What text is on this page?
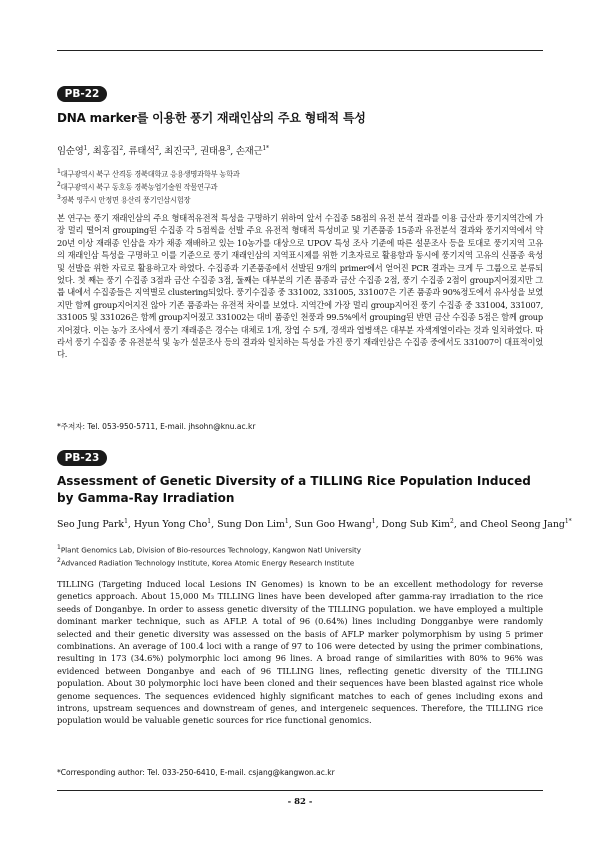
PB-22
DNA marker를 이용한 풍기 재래인삼의 주요 형태적 특성
임순영$^1$, 최홍집$^2$, 류태석$^2$, 최진국$^3$, 권태용$^3$, 손재근$^{1*}$
$^1$대구광역시 북구 산격동 경북대학교 응용생명과학부 농학과
$^2$대구광역시 북구 동호동 경북농업기술원 작물연구과
$^3$경북 영주시 안정면 용산리 풍기인삼시험장
본 연구는 풍기 재래인삼의 주요 형태적유전적 특성을 구명하기 위하여 앞서 수집종 58점의 유전 분석 결과를 이용 급산과 풍기지역간에 가장 멀리 떨어져 grouping된 수집종 각 5점씩을 선발 주요 유전적 형태적 특성비교 및 기존품종 15종과 유전분석 결과와 풍기지역에서 약 20년 이상 재래종 인삼을 자가 채종 재배하고 있는 10농가를 대상으로 UPOV 특성 조사 기준에 따른 설문조사 등을 토대로 풍기지역 고유의 재래인삼 특성을 구명하고 이를 기준으로 풍기 재래인삼의 지역표시제를 위한 기초자료로 활용함과 동시에 풍기지역 고유의 신품종 육성 및 선발을 위한 자료로 활용하고자 하였다. 수집종과 기존품종에서 선발된 9개의 primer에서 얻어진 PCR 결과는 크게 두 그룹으로 분류되었다. 첫 째는 풍기 수집종 3점과 금산 수집종 3점, 둘째는 대부분의 기존 품종과 금산 수집종 2점, 풍기 수집종 2점이 group지어졌지만 그룹 내에서 수집종들은 지역별로 clustering되었다. 풍기수집종 중 331002, 331005, 331007은 기존 품종과 90%정도에서 유사성을 보였지만 함께 group지어지진 않아 기존 품종과는 유전적 차이를 보였다. 지역간에 가장 멀리 group지어진 풍기 수집종 중 331004, 331007, 331005 및 331026은 함께 group지어졌고 331002는 대비 품종인 천풍과 99.5%에서 grouping된 반면 금산 수집종 5점은 함께 group지어졌다. 이는 농가 조사에서 풍기 재래종은 경수는 대체로 1개, 장엽 수 5개, 경색과 엽병색은 대부분 자색계열이라는 것과 일치하였다. 따라서 풍기 수집종 중 유전분석 및 농가 설문조사 등의 결과와 일치하는 특성을 가진 풍기 재래인삼은 수집종 중에서도 331007이 대표적이었다.
*주저자: Tel. 053-950-5711, E-mail. jhsohn@knu.ac.kr
PB-23
Assessment of Genetic Diversity of a TILLING Rice Population Induced by Gamma-Ray Irradiation
Seo Jung Park$^1$, Hyun Yong Cho$^1$, Sung Don Lim$^1$, Sun Goo Hwang$^1$, Dong Sub Kim$^2$, and Cheol Seong Jang$^{1*}$
$^1$Plant Genomics Lab, Division of Bio-resources Technology, Kangwon Natl University
$^2$Advanced Radiation Technology Institute, Korea Atomic Energy Research Institute
TILLING (Targeting Induced local Lesions IN Genomes) is known to be an excellent methodology for reverse genetics approach. About 15,000 M₃ TILLING lines have been developed after gamma-ray irradiation to the rice seeds of Donganbye. In order to assess genetic diversity of the TILLING population. we have employed a multiple dominant marker technique, such as AFLP. A total of 96 (0.64%) lines including Dongganbye were randomly selected and their genetic diversity was assessed on the basis of AFLP marker polymorphism by using 5 primer combinations. An average of 100.4 loci with a range of 97 to 106 were detected by using the primer combinations, resulting in 173 (34.6%) polymorphic loci among 96 lines. A broad range of similarities with 80% to 96% was evidenced between Donganbye and each of 96 TILLING lines, reflecting genetic diversity of the TILLING population. About 30 polymorphic loci have been cloned and their sequences have been blasted against rice whole genome sequences. The sequences evidenced highly significant matches to each of genes including exons and introns, upstream sequences and downstream of genes, and intergeneic sequences. Therefore, the TILLING rice population would be valuable genetic sources for rice functional genomics.
*Corresponding author: Tel. 033-250-6410, E-mail. csjang@kangwon.ac.kr
- 82 -
